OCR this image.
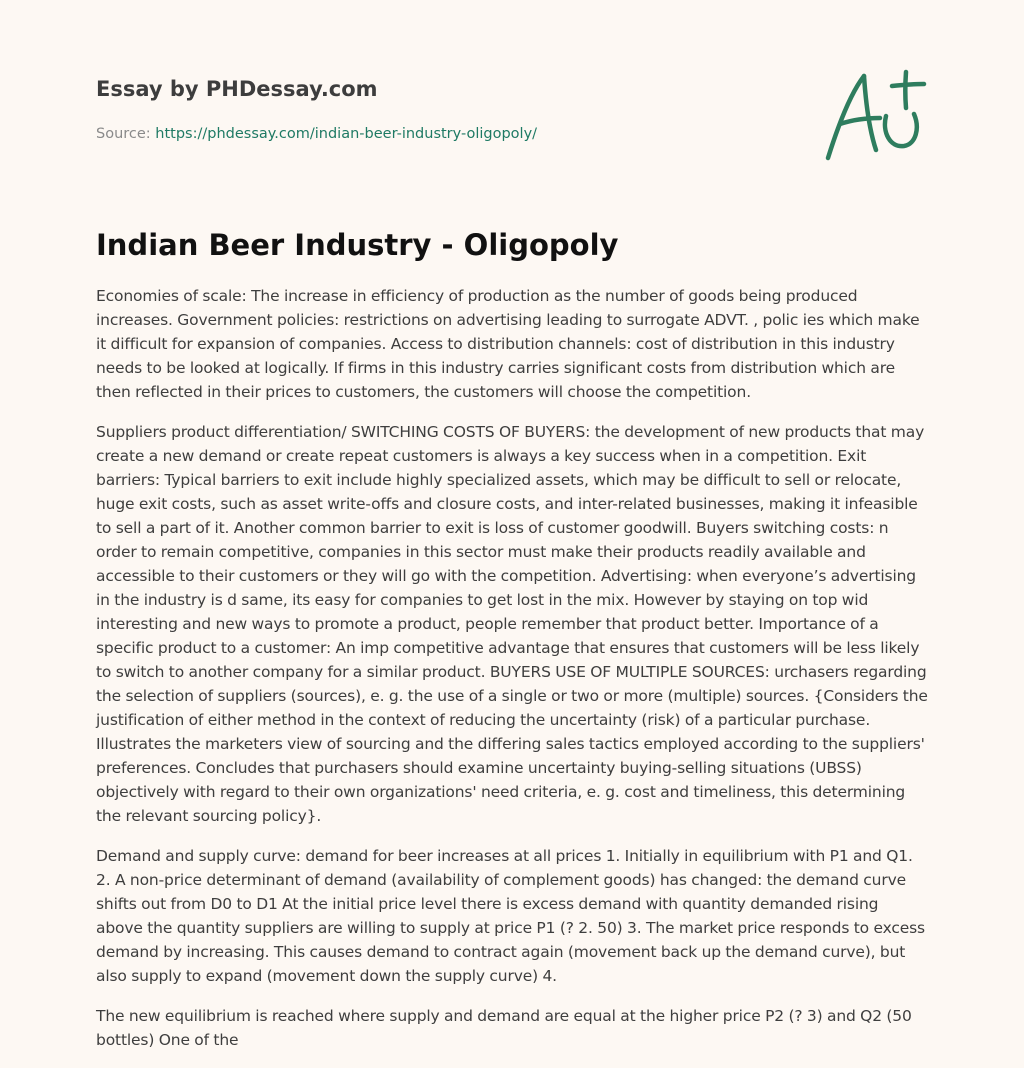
Essay by PHDessay.com
Source: https://phdessay.com/indian-beer-industry-oligopoly/
Indian Beer Industry - Oligopoly

Economies of scale: The increase in efficiency of production as the number of goods being produced increases. Government policies: restrictions on advertising leading to surrogate ADVT. , polic ies which make it difficult for expansion of companies. Access to distribution channels: cost of distribution in this industry needs to be looked at logically. If firms in this industry carries significant costs from distribution which are then reflected in their prices to customers, the customers will choose the competition.

Suppliers product differentiation/ SWITCHING COSTS OF BUYERS: the development of new products that may create a new demand or create repeat customers is always a key success when in a competition. Exit barriers: Typical barriers to exit include highly specialized assets, which may be difficult to sell or relocate, huge exit costs, such as asset write-offs and closure costs, and inter-related businesses, making it infeasible to sell a part of it. Another common barrier to exit is loss of customer goodwill. Buyers switching costs: n order to remain competitive, companies in this sector must make their products readily available and accessible to their customers or they will go with the competition. Advertising: when everyone’s advertising in the industry is d same, its easy for companies to get lost in the mix. However by staying on top wid interesting and new ways to promote a product, people remember that product better. Importance of a specific product to a customer: An imp competitive advantage that ensures that customers will be less likely to switch to another company for a similar product. BUYERS USE OF MULTIPLE SOURCES: urchasers regarding the selection of suppliers (sources), e. g. the use of a single or two or more (multiple) sources. {Considers the justification of either method in the context of reducing the uncertainty (risk) of a particular purchase. Illustrates the marketers view of sourcing and the differing sales tactics employed according to the suppliers' preferences. Concludes that purchasers should examine uncertainty buying-selling situations (UBSS) objectively with regard to their own organizations' need criteria, e. g. cost and timeliness, this determining the relevant sourcing policy}.

Demand and supply curve: demand for beer increases at all prices 1. Initially in equilibrium with P1 and Q1. 2. A non-price determinant of demand (availability of complement goods) has changed: the demand curve shifts out from D0 to D1 At the initial price level there is excess demand with quantity demanded rising above the quantity suppliers are willing to supply at price P1 (? 2. 50) 3. The market price responds to excess demand by increasing. This causes demand to contract again (movement back up the demand curve), but also supply to expand (movement down the supply curve) 4.

The new equilibrium is reached where supply and demand are equal at the higher price P2 (? 3) and Q2 (50 bottles) One of the
